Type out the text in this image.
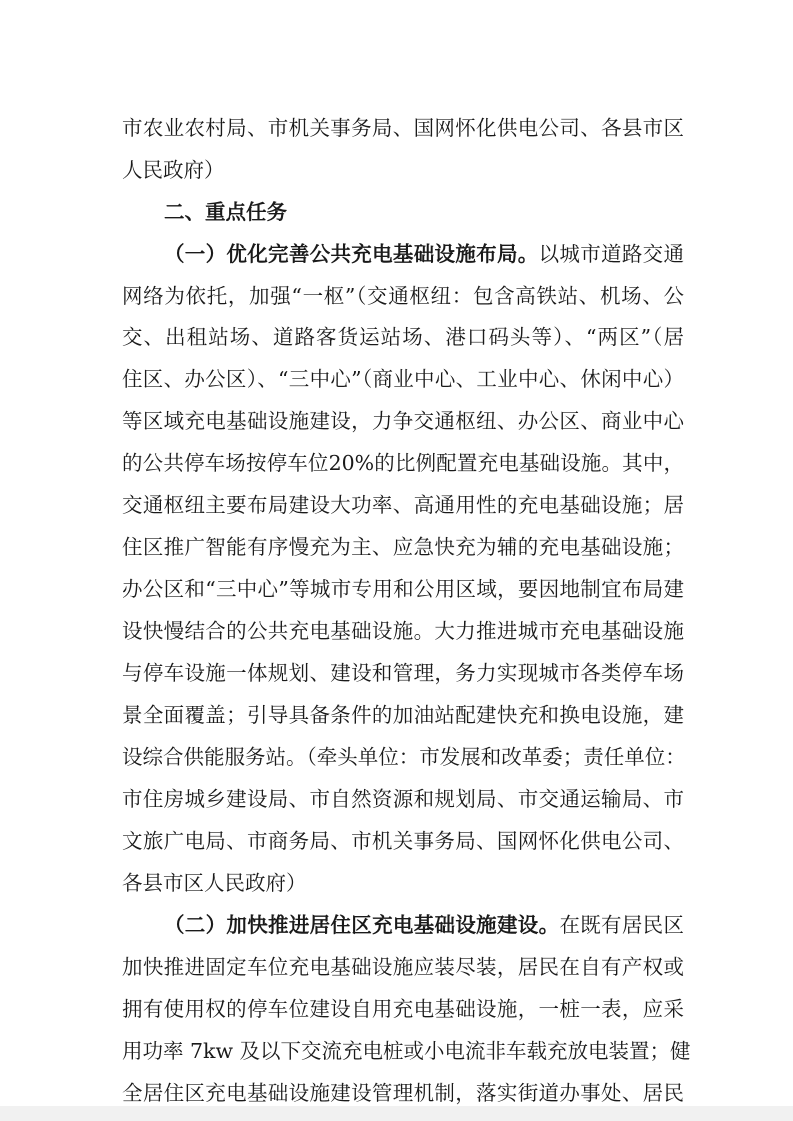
市农业农村局、市机关事务局、国网怀化供电公司、各县市区
人民政府）
二、重点任务
（一）优化完善公共充电基础设施布局。以城市道路交通
网络为依托，加强“一枢”（交通枢纽：包含高铁站、机场、公
交、出租站场、道路客货运站场、港口码头等）、“两区”（居
住区、办公区）、“三中心”（商业中心、工业中心、休闲中心）
等区域充电基础设施建设，力争交通枢纽、办公区、商业中心
的公共停车场按停车位20%的比例配置充电基础设施。其中，
交通枢纽主要布局建设大功率、高通用性的充电基础设施；居
住区推广智能有序慢充为主、应急快充为辅的充电基础设施；
办公区和“三中心”等城市专用和公用区域，要因地制宜布局建
设快慢结合的公共充电基础设施。大力推进城市充电基础设施
与停车设施一体规划、建设和管理，务力实现城市各类停车场
景全面覆盖；引导具备条件的加油站配建快充和换电设施，建
设综合供能服务站。（牵头单位：市发展和改革委；责任单位：
市住房城乡建设局、市自然资源和规划局、市交通运输局、市
文旅广电局、市商务局、市机关事务局、国网怀化供电公司、
各县市区人民政府）
（二）加快推进居住区充电基础设施建设。在既有居民区
加快推进固定车位充电基础设施应装尽装，居民在自有产权或
拥有使用权的停车位建设自用充电基础设施，一桩一表，应采
用功率 7kw 及以下交流充电桩或小电流非车载充放电装置；健
全居住区充电基础设施建设管理机制，落实街道办事处、居民
